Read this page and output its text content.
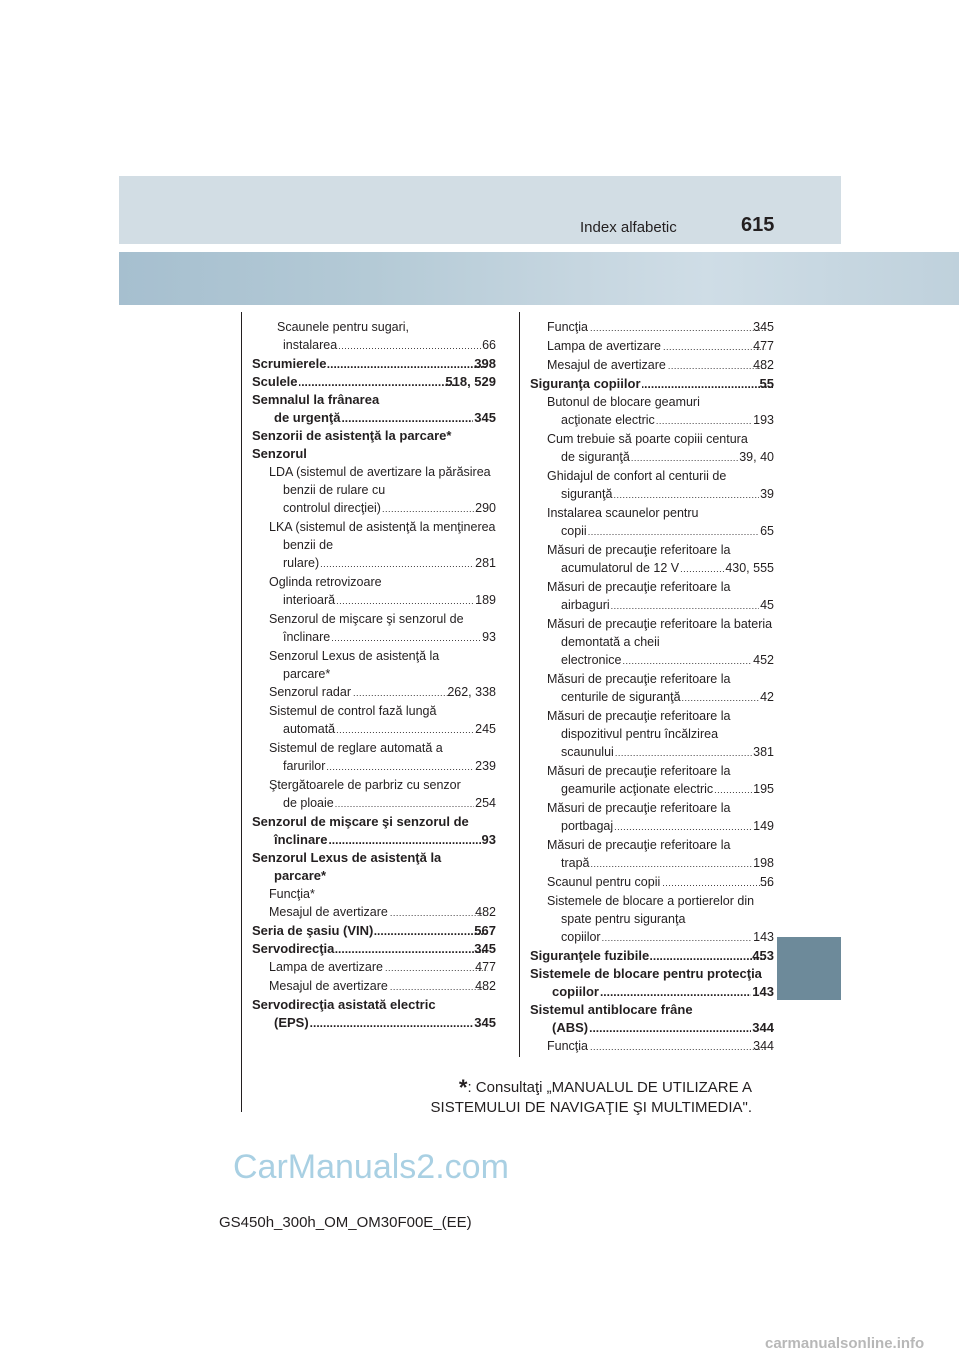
Index alfabetic	615
Scaunele pentru sugari,
instalarea .....	66
Scrumierele .....	398
Sculele .....	518, 529
Semnalul la frânarea
de urgenţă .....	345
Senzorii de asistenţă la parcare*
Senzorul
LDA (sistemul de avertizare la părăsirea benzii de rulare cu
controlul direcţiei) .....	290
LKA (sistemul de asistenţă la menţinerea benzii de
rulare) .....	281
Oglinda retrovizoare
interioară .....	189
Senzorul de mişcare şi senzorul de
înclinare .....	93
Senzorul Lexus de asistenţă la
parcare*
Senzorul radar .....	262, 338
Sistemul de control fază lungă
automată .....	245
Sistemul de reglare automată a
farurilor .....	239
Ştergătoarele de parbriz cu senzor
de ploaie .....	254
Senzorul de mişcare şi senzorul de
înclinare .....	93
Senzorul Lexus de asistenţă la
parcare*
Funcţia*
Mesajul de avertizare .....	482
Seria de şasiu (VIN) .....	567
Servodirecţia .....	345
Lampa de avertizare .....	477
Mesajul de avertizare .....	482
Servodirecţia asistată electric
(EPS) .....	345
Funcţia .....	345
Lampa de avertizare .....	477
Mesajul de avertizare .....	482
Siguranţa copiilor .....	55
Butonul de blocare geamuri
acţionate electric .....	193
Cum trebuie să poarte copiii centura
de siguranţă .....	39, 40
Ghidajul de confort al centurii de
siguranţă .....	39
Instalarea scaunelor pentru
copii .....	65
Măsuri de precauţie referitoare la
acumulatorul de 12 V .....	430, 555
Măsuri de precauţie referitoare la
airbaguri .....	45
Măsuri de precauţie referitoare la bateria demontată a cheii
electronice .....	452
Măsuri de precauţie referitoare la
centurile de siguranţă .....	42
Măsuri de precauţie referitoare la dispozitivul pentru încălzirea
scaunului .....	381
Măsuri de precauţie referitoare la
geamurile acţionate electric .....	195
Măsuri de precauţie referitoare la
portbagaj .....	149
Măsuri de precauţie referitoare la
trapă .....	198
Scaunul pentru copii .....	56
Sistemele de blocare a portierelor din spate pentru siguranţa
copiilor .....	143
Siguranţele fuzibile .....	453
Sistemele de blocare pentru protecţia
copiilor .....	143
Sistemul antiblocare frâne
(ABS) .....	344
Funcţia .....	344
*: Consultaţi „MANUALUL DE UTILIZARE A
SISTEMULUI DE NAVIGAŢIE ŞI MULTIMEDIA".
CarManuals2.com
GS450h_300h_OM_OM30F00E_(EE)
carmanualsonline.info
